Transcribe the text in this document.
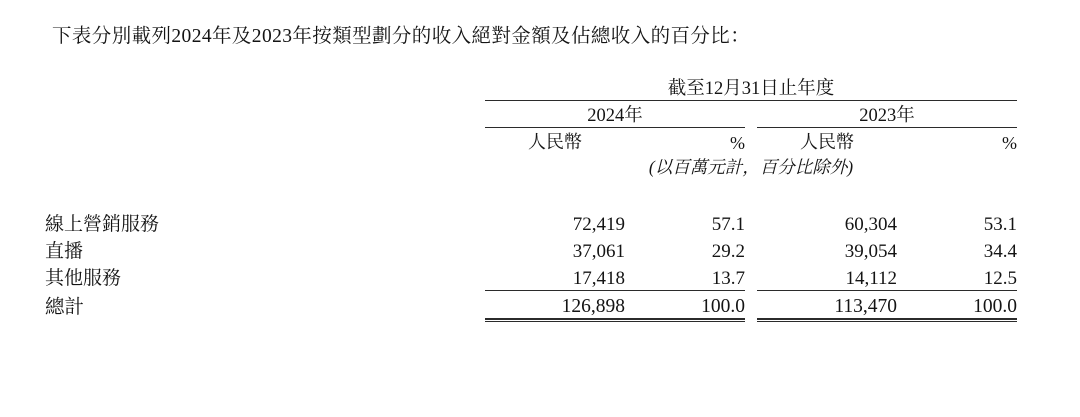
下表分別載列2024年及2023年按類型劃分的收入絕對金額及佔總收入的百分比：
	截至12月31日止年度				

	2024年			2023年	

	人民幣	%		人民幣	%
	(以百萬元計，百分比除外)				

線上營銷服務	72,419	57.1		60,304	53.1
直播	37,061	29.2		39,054	34.4
其他服務	17,418	13.7		14,112	12.5

總計	126,898	100.0		113,470	100.0
